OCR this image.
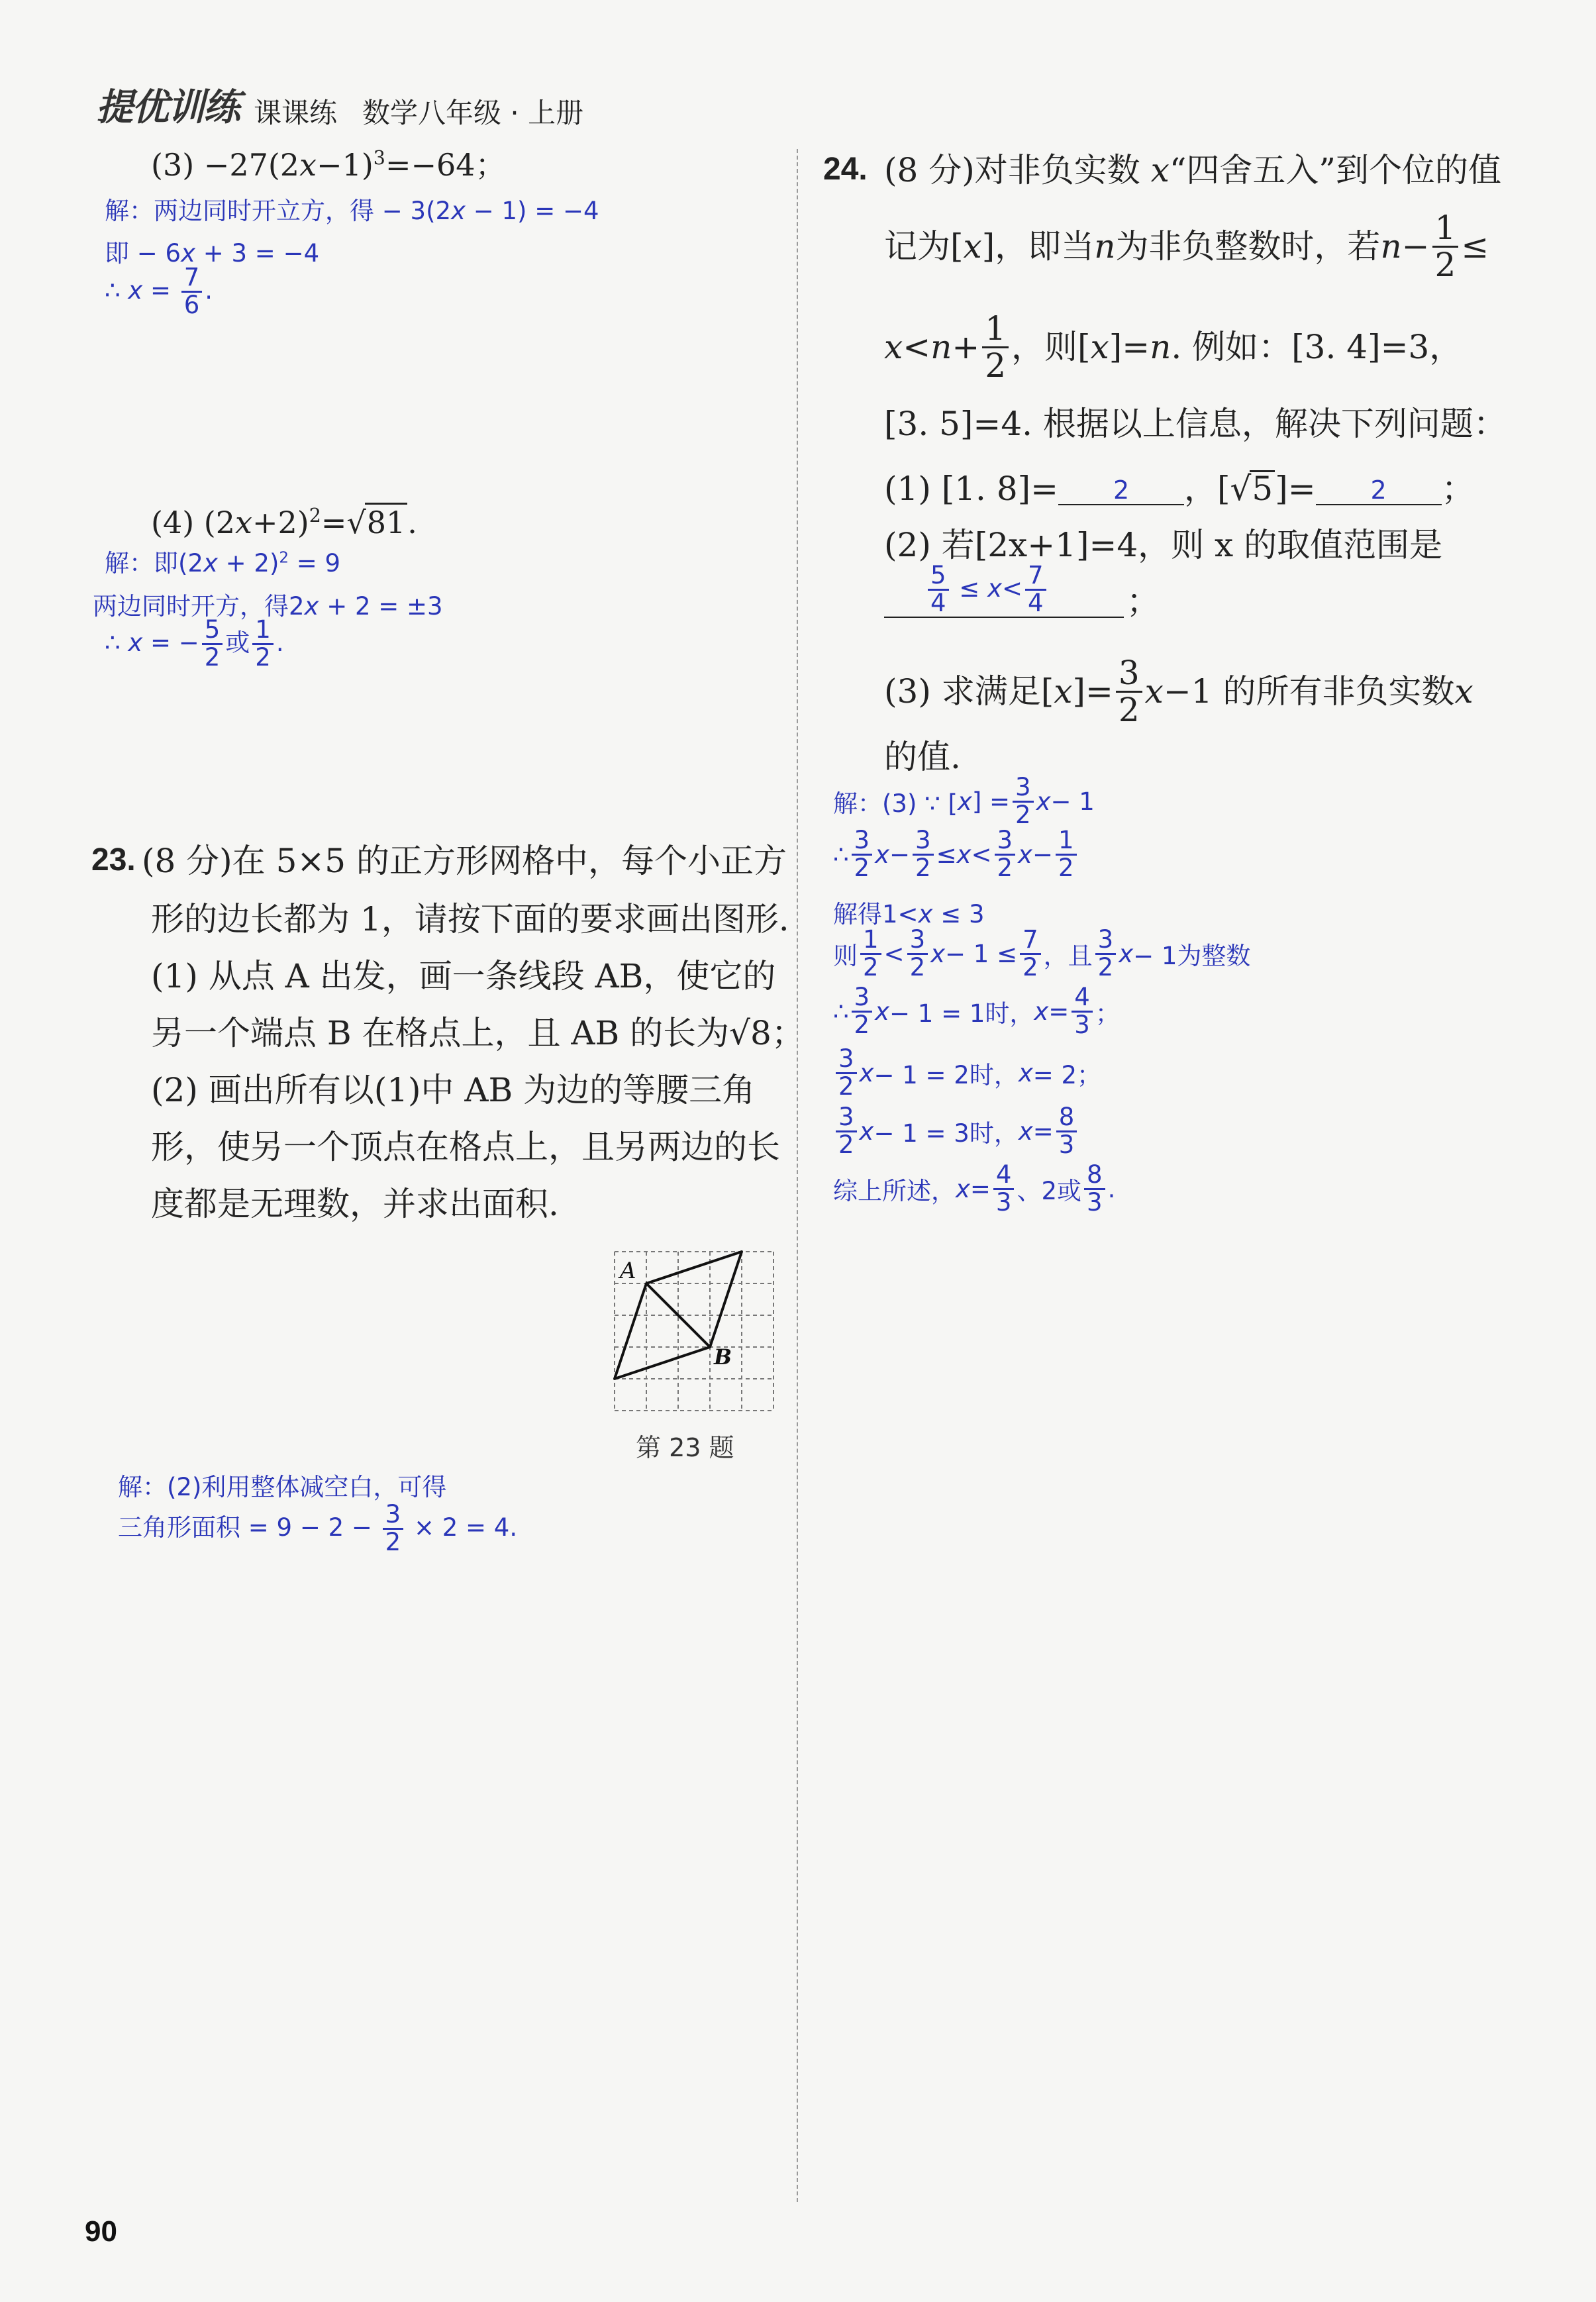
提优训练 课课练 数学八年级 · 上册
$(3) -27(2x-1)^3=-64$；
解：两边同时开立方，得 − 3(2x − 1) = −4
即 − 6x + 3 = −4
∴ $x = \frac{7}{6}$ .
(4) $(2x+2)^2=√81$.
解：即$(2x + 2)^2 = 9$
两边同时开方，得2x + 2 = ±3
∴ x = − $\frac{5}{2}$ 或 $\frac{1}{2}$ .
23. (8 分)在 5×5 的正方形网格中，每个小正方
形的边长都为 1，请按下面的要求画出图形.
(1) 从点 A 出发，画一条线段 AB，使它的
另一个端点 B 在格点上，且 AB 的长为√8；
(2) 画出所有以(1)中 AB 为边的等腰三角
形，使另一个顶点在格点上，且另两边的长
度都是无理数，并求出面积.
A
B
第 23 题
解：(2)利用整体减空白，可得
三角形面积 = $9 - 2 - \frac{3}{2} \times 2 = 4$.
24. (8 分)对非负实数 x“四舍五入”到个位的值
记为[ x ]，即当 n 为非负整数时，若 $n - \frac{1}{2}$ ≤
$x < n + \frac{1}{2}$ ，则[ x ]= n . 例如：[3. 4]=3，
[3. 5]=4. 根据以上信息，解决下列问题：
(1) [1. 8]=	2	，[√ 5 ]=	2	；
(2) 若[2x+1]=4，则 x 的取值范围是
$\frac{5}{4} \le x< \frac{7}{4}$ ；
(3) 求满足[ x ]= $\frac{3}{2}$ x −1 的所有非负实数 x
的值.
解：(3) ∵ [ x ] = $\frac{3}{2}$ x − 1
∴ $\frac{3}{2}$ $x - \frac{3}{2} \le x < \frac{3}{2}$ $x - \frac{1}{2}$
解得1<x ≤ 3
则 $\frac{1}{2} < \frac{3}{2}$ $x - 1 \le \frac{7}{2}$ ，且 $\frac{3}{2}$ x − 1为整数
∴ $\frac{3}{2}$ x − 1 = 1时， $x = \frac{4}{3}$ ；
$\frac{3}{2}$ x − 1 = 2时， x = 2；
$\frac{3}{2}$ x − 1 = 3时， $x = \frac{8}{3}$
综上所述， $x = \frac{4}{3}$ 、2或 $\frac{8}{3}$ .
90
